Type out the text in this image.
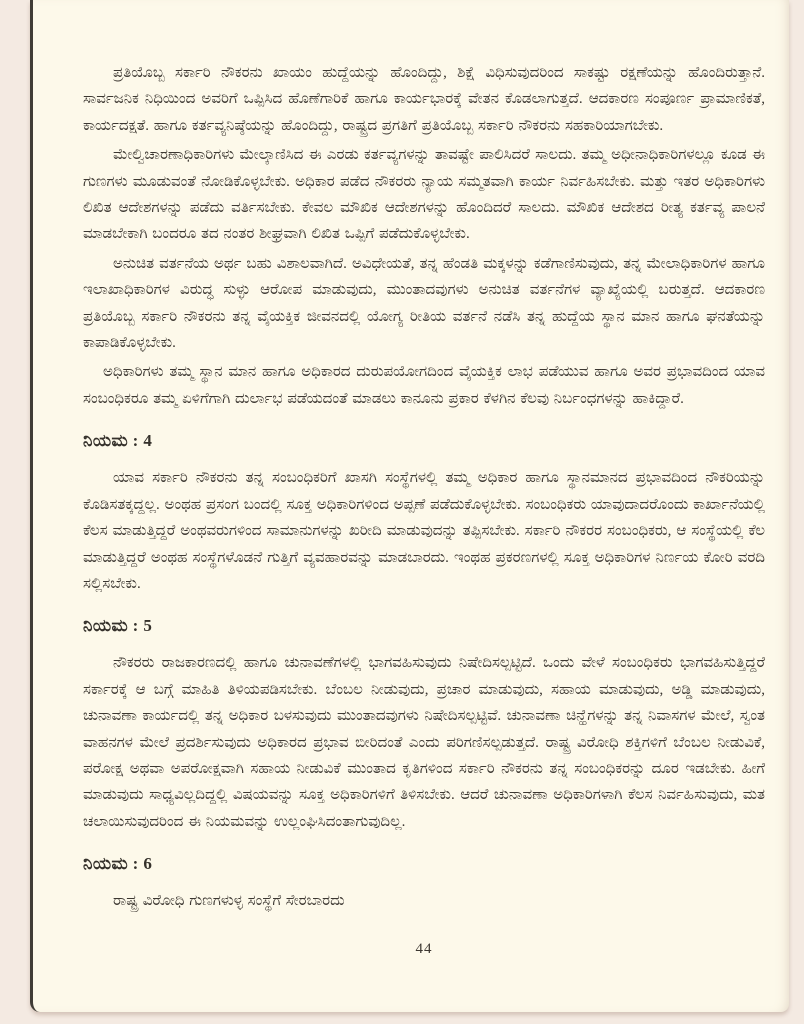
ಪ್ರತಿಯೊಬ್ಬ ಸರ್ಕಾರಿ ನೌಕರನು ಖಾಯಂ ಹುದ್ದೆಯನ್ನು ಹೊಂದಿದ್ದು, ಶಿಕ್ಷೆ ವಿಧಿಸುವುದರಿಂದ ಸಾಕಷ್ಟು ರಕ್ಷಣೆಯನ್ನು ಹೊಂದಿರುತ್ತಾನೆ. ಸಾರ್ವಜನಿಕ ನಿಧಿಯಿಂದ ಅವರಿಗೆ ಒಪ್ಪಿಸಿದ ಹೊಣೆಗಾರಿಕೆ ಹಾಗೂ ಕಾರ್ಯಭಾರಕ್ಕೆ ವೇತನ ಕೊಡಲಾಗುತ್ತದೆ. ಆದಕಾರಣ ಸಂಪೂರ್ಣ ಪ್ರಾಮಾಣಿಕತೆ, ಕಾರ್ಯದಕ್ಷತೆ. ಹಾಗೂ ಕರ್ತವ್ಯನಿಷ್ಠೆಯನ್ನು ಹೊಂದಿದ್ದು, ರಾಷ್ಟ್ರದ ಪ್ರಗತಿಗೆ ಪ್ರತಿಯೊಬ್ಬ ಸರ್ಕಾರಿ ನೌಕರನು ಸಹಕಾರಿಯಾಗಬೇಕು.

ಮೇಲ್ವಿಚಾರಣಾಧಿಕಾರಿಗಳು ಮೇಲ್ಕಾಣಿಸಿದ ಈ ಎರಡು ಕರ್ತವ್ಯಗಳನ್ನು ತಾವಷ್ಟೇ ಪಾಲಿಸಿದರೆ ಸಾಲದು. ತಮ್ಮ ಅಧೀನಾಧಿಕಾರಿಗಳಲ್ಲೂ ಕೂಡ ಈ ಗುಣಗಳು ಮೂಡುವಂತೆ ನೋಡಿಕೊಳ್ಳಬೇಕು. ಅಧಿಕಾರ ಪಡೆದ ನೌಕರರು ನ್ಯಾಯ ಸಮ್ಮತವಾಗಿ ಕಾರ್ಯ ನಿರ್ವಹಿಸಬೇಕು. ಮತ್ತು ಇತರ ಅಧಿಕಾರಿಗಳು ಲಿಖಿತ ಆದೇಶಗಳನ್ನು ಪಡೆದು ವರ್ತಿಸಬೇಕು. ಕೇವಲ ಮೌಖಿಕ ಆದೇಶಗಳನ್ನು ಹೊಂದಿದರೆ ಸಾಲದು. ಮೌಖಿಕ ಆದೇಶದ ರೀತ್ಯ ಕರ್ತವ್ಯ ಪಾಲನೆ ಮಾಡಬೇಕಾಗಿ ಬಂದರೂ ತದ ನಂತರ ಶೀಘ್ರವಾಗಿ ಲಿಖಿತ ಒಪ್ಪಿಗೆ ಪಡೆದುಕೊಳ್ಳಬೇಕು.

ಅನುಚಿತ ವರ್ತನೆಯ ಅರ್ಥ ಬಹು ವಿಶಾಲವಾಗಿದೆ. ಅವಿಧೇಯತೆ, ತನ್ನ ಹೆಂಡತಿ ಮಕ್ಕಳನ್ನು ಕಡೆಗಾಣಿಸುವುದು, ತನ್ನ ಮೇಲಾಧಿಕಾರಿಗಳ ಹಾಗೂ ಇಲಾಖಾಧಿಕಾರಿಗಳ ವಿರುದ್ಧ ಸುಳ್ಳು ಆರೋಪ ಮಾಡುವುದು, ಮುಂತಾದವುಗಳು ಅನುಚಿತ ವರ್ತನೆಗಳ ವ್ಯಾಖ್ಯೆಯಲ್ಲಿ ಬರುತ್ತದೆ. ಆದಕಾರಣ ಪ್ರತಿಯೊಬ್ಬ ಸರ್ಕಾರಿ ನೌಕರನು ತನ್ನ ವೈಯಕ್ತಿಕ ಜೀವನದಲ್ಲಿ ಯೋಗ್ಯ ರೀತಿಯ ವರ್ತನೆ ನಡೆಸಿ ತನ್ನ ಹುದ್ದೆಯ ಸ್ಥಾನ ಮಾನ ಹಾಗೂ ಘನತೆಯನ್ನು ಕಾಪಾಡಿಕೊಳ್ಳಬೇಕು.

ಅಧಿಕಾರಿಗಳು ತಮ್ಮ ಸ್ಥಾನ ಮಾನ ಹಾಗೂ ಅಧಿಕಾರದ ದುರುಪಯೋಗದಿಂದ ವೈಯಕ್ತಿಕ ಲಾಭ ಪಡೆಯುವ ಹಾಗೂ ಅವರ ಪ್ರಭಾವದಿಂದ ಯಾವ ಸಂಬಂಧಿಕರೂ ತಮ್ಮ ಏಳಿಗೆಗಾಗಿ ದುರ್ಲಾಭ ಪಡೆಯದಂತೆ ಮಾಡಲು ಕಾನೂನು ಪ್ರಕಾರ ಕೆಳಗಿನ ಕೆಲವು ನಿರ್ಬಂಧಗಳನ್ನು ಹಾಕಿದ್ದಾರೆ.

ನಿಯಮ : 4

ಯಾವ ಸರ್ಕಾರಿ ನೌಕರನು ತನ್ನ ಸಂಬಂಧಿಕರಿಗೆ ಖಾಸಗಿ ಸಂಸ್ಥೆಗಳಲ್ಲಿ ತಮ್ಮ ಅಧಿಕಾರ ಹಾಗೂ ಸ್ಥಾನಮಾನದ ಪ್ರಭಾವದಿಂದ ನೌಕರಿಯನ್ನು ಕೊಡಿಸತಕ್ಕದ್ದಲ್ಲ. ಅಂಥಹ ಪ್ರಸಂಗ ಬಂದಲ್ಲಿ ಸೂಕ್ತ ಅಧಿಕಾರಿಗಳಿಂದ ಅಪ್ಪಣೆ ಪಡೆದುಕೊಳ್ಳಬೇಕು. ಸಂಬಂಧಿಕರು ಯಾವುದಾದರೊಂದು ಕಾರ್ಖಾನೆಯಲ್ಲಿ ಕೆಲಸ ಮಾಡುತ್ತಿದ್ದರೆ ಅಂಥವರುಗಳಿಂದ ಸಾಮಾನುಗಳನ್ನು ಖರೀದಿ ಮಾಡುವುದನ್ನು ತಪ್ಪಿಸಬೇಕು. ಸರ್ಕಾರಿ ನೌಕರರ ಸಂಬಂಧಿಕರು, ಆ ಸಂಸ್ಥೆಯಲ್ಲಿ ಕೆಲ ಮಾಡುತ್ತಿದ್ದರೆ ಅಂಥಹ ಸಂಸ್ಥೆಗಳೊಡನೆ ಗುತ್ತಿಗೆ ವ್ಯವಹಾರವನ್ನು ಮಾಡಬಾರದು. ಇಂಥಹ ಪ್ರಕರಣಗಳಲ್ಲಿ ಸೂಕ್ತ ಅಧಿಕಾರಿಗಳ ನಿರ್ಣಯ ಕೋರಿ ವರದಿ ಸಲ್ಲಿಸಬೇಕು.

ನಿಯಮ : 5

ನೌಕರರು ರಾಜಕಾರಣದಲ್ಲಿ ಹಾಗೂ ಚುನಾವಣೆಗಳಲ್ಲಿ ಭಾಗವಹಿಸುವುದು ನಿಷೇದಿಸಲ್ಪಟ್ಟಿದೆ. ಒಂದು ವೇಳೆ ಸಂಬಂಧಿಕರು ಭಾಗವಹಿಸುತ್ತಿದ್ದರೆ ಸರ್ಕಾರಕ್ಕೆ ಆ ಬಗ್ಗೆ ಮಾಹಿತಿ ತಿಳಿಯಪಡಿಸಬೇಕು. ಬೆಂಬಲ ನೀಡುವುದು, ಪ್ರಚಾರ ಮಾಡುವುದು, ಸಹಾಯ ಮಾಡುವುದು, ಅಡ್ಡಿ ಮಾಡುವುದು, ಚುನಾವಣಾ ಕಾರ್ಯದಲ್ಲಿ ತನ್ನ ಅಧಿಕಾರ ಬಳಸುವುದು ಮುಂತಾದವುಗಳು ನಿಷೇದಿಸಲ್ಪಟ್ಟಿವೆ. ಚುನಾವಣಾ ಚಿನ್ಹೆಗಳನ್ನು ತನ್ನ ನಿವಾಸಗಳ ಮೇಲೆ, ಸ್ವಂತ ವಾಹನಗಳ ಮೇಲೆ ಪ್ರದರ್ಶಿಸುವುದು ಅಧಿಕಾರದ ಪ್ರಭಾವ ಬೀರಿದಂತೆ ಎಂದು ಪರಿಗಣಿಸಲ್ಪಡುತ್ತದೆ. ರಾಷ್ಟ್ರ ವಿರೋಧಿ ಶಕ್ತಿಗಳಿಗೆ ಬೆಂಬಲ ನೀಡುವಿಕೆ, ಪರೋಕ್ಷ ಅಥವಾ ಅಪರೋಕ್ಷವಾಗಿ ಸಹಾಯ ನೀಡುವಿಕೆ ಮುಂತಾದ ಕೃತಿಗಳಿಂದ ಸರ್ಕಾರಿ ನೌಕರನು ತನ್ನ ಸಂಬಂಧಿಕರನ್ನು ದೂರ ಇಡಬೇಕು. ಹೀಗೆ ಮಾಡುವುದು ಸಾಧ್ಯವಿಲ್ಲದಿದ್ದಲ್ಲಿ ವಿಷಯವನ್ನು ಸೂಕ್ತ ಅಧಿಕಾರಿಗಳಿಗೆ ತಿಳಿಸಬೇಕು. ಆದರೆ ಚುನಾವಣಾ ಅಧಿಕಾರಿಗಳಾಗಿ ಕೆಲಸ ನಿರ್ವಹಿಸುವುದು, ಮತ ಚಲಾಯಿಸುವುದರಿಂದ ಈ ನಿಯಮವನ್ನು ಉಲ್ಲಂಘಿಸಿದಂತಾಗುವುದಿಲ್ಲ.

ನಿಯಮ : 6

ರಾಷ್ಟ್ರ ವಿರೋಧಿ ಗುಣಗಳುಳ್ಳ ಸಂಸ್ಥೆಗೆ ಸೇರಬಾರದು

44
